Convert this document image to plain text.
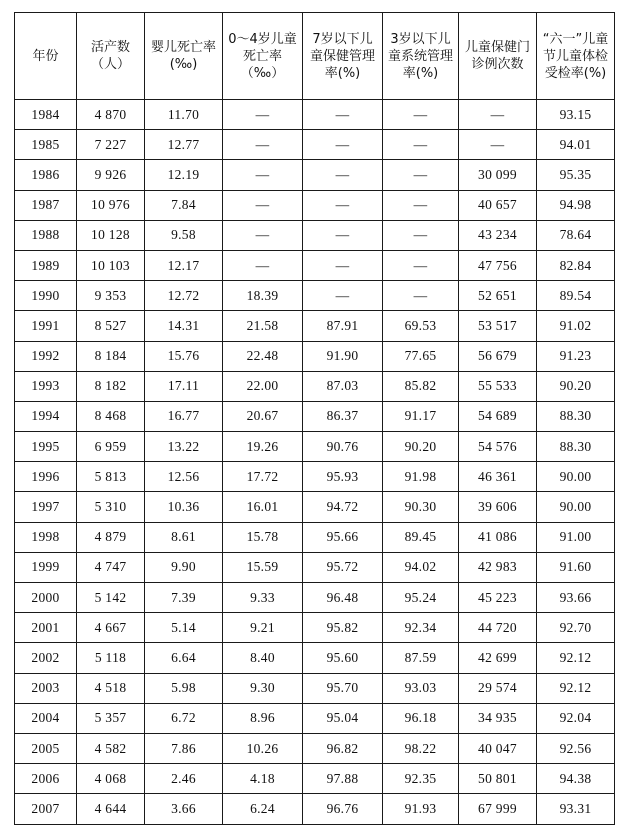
年份	活产数（人）	婴儿死亡率(‰)	0～4岁儿童死亡率（‰）	7岁以下儿童保健管理率(%)	3岁以下儿童系统管理率(%)	儿童保健门诊例次数	“六一”儿童节儿童体检受检率(%)
1984	4 870	11.70	—	—	—	—	93.15
1985	7 227	12.77	—	—	—	—	94.01
1986	9 926	12.19	—	—	—	30 099	95.35
1987	10 976	7.84	—	—	—	40 657	94.98
1988	10 128	9.58	—	—	—	43 234	78.64
1989	10 103	12.17	—	—	—	47 756	82.84
1990	9 353	12.72	18.39	—	—	52 651	89.54
1991	8 527	14.31	21.58	87.91	69.53	53 517	91.02
1992	8 184	15.76	22.48	91.90	77.65	56 679	91.23
1993	8 182	17.11	22.00	87.03	85.82	55 533	90.20
1994	8 468	16.77	20.67	86.37	91.17	54 689	88.30
1995	6 959	13.22	19.26	90.76	90.20	54 576	88.30
1996	5 813	12.56	17.72	95.93	91.98	46 361	90.00
1997	5 310	10.36	16.01	94.72	90.30	39 606	90.00
1998	4 879	8.61	15.78	95.66	89.45	41 086	91.00
1999	4 747	9.90	15.59	95.72	94.02	42 983	91.60
2000	5 142	7.39	9.33	96.48	95.24	45 223	93.66
2001	4 667	5.14	9.21	95.82	92.34	44 720	92.70
2002	5 118	6.64	8.40	95.60	87.59	42 699	92.12
2003	4 518	5.98	9.30	95.70	93.03	29 574	92.12
2004	5 357	6.72	8.96	95.04	96.18	34 935	92.04
2005	4 582	7.86	10.26	96.82	98.22	40 047	92.56
2006	4 068	2.46	4.18	97.88	92.35	50 801	94.38
2007	4 644	3.66	6.24	96.76	91.93	67 999	93.31
